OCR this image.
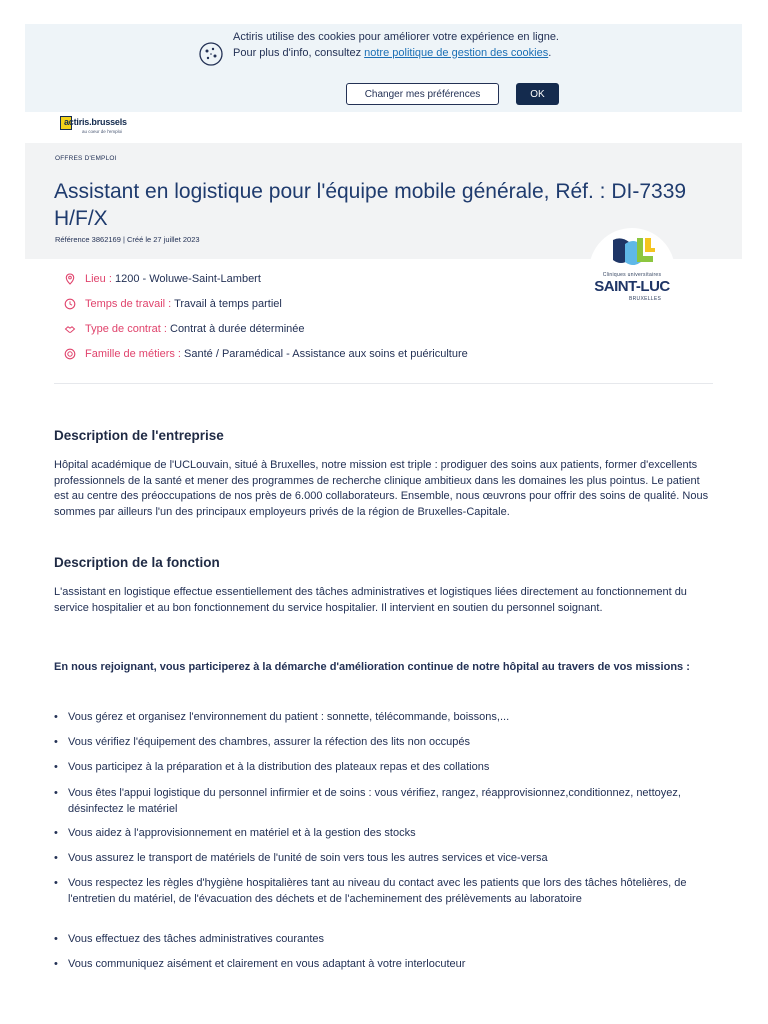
Actiris utilise des cookies pour améliorer votre expérience en ligne. Pour plus d'info, consultez notre politique de gestion des cookies.
Changer mes préférences	OK
actiris.brussels
au coeur de l'emploi
OFFRES D'EMPLOI
Assistant en logistique pour l'équipe mobile générale, Réf. : DI-7339 H/F/X
Référence 3862169 | Créé le 27 juillet 2023
Cliniques universitaires
SAINT-LUC
BRUXELLES
Lieu : 1200 - Woluwe-Saint-Lambert
Temps de travail : Travail à temps partiel
Type de contrat : Contrat à durée déterminée
Famille de métiers : Santé / Paramédical - Assistance aux soins et puériculture
Description de l'entreprise

Hôpital académique de l'UCLouvain, situé à Bruxelles, notre mission est triple : prodiguer des soins aux patients, former d'excellents professionnels de la santé et mener des programmes de recherche clinique ambitieux dans les domaines les plus pointus. Le patient est au centre des préoccupations de nos près de 6.000 collaborateurs. Ensemble, nous œuvrons pour offrir des soins de qualité. Nous sommes par ailleurs l'un des principaux employeurs privés de la région de Bruxelles-Capitale.

Description de la fonction

L'assistant en logistique effectue essentiellement des tâches administratives et logistiques liées directement au fonctionnement du service hospitalier et au bon fonctionnement du service hospitalier. Il intervient en soutien du personnel soignant.

En nous rejoignant, vous participerez à la démarche d'amélioration continue de notre hôpital au travers de vos missions :

• Vous gérez et organisez l'environnement du patient : sonnette, télécommande, boissons,...
• Vous vérifiez l'équipement des chambres, assurer la réfection des lits non occupés
• Vous participez à la préparation et à la distribution des plateaux repas et des collations
• Vous êtes l'appui logistique du personnel infirmier et de soins : vous vérifiez, rangez, réapprovisionnez,conditionnez, nettoyez, désinfectez le matériel
• Vous aidez à l'approvisionnement en matériel et à la gestion des stocks
• Vous assurez le transport de matériels de l'unité de soin vers tous les autres services et vice-versa
• Vous respectez les règles d'hygiène hospitalières tant au niveau du contact avec les patients que lors des tâches hôtelières, de l'entretien du matériel, de l'évacuation des déchets et de l'acheminement des prélèvements au laboratoire
• Vous effectuez des tâches administratives courantes
• Vous communiquez aisément et clairement en vous adaptant à votre interlocuteur
